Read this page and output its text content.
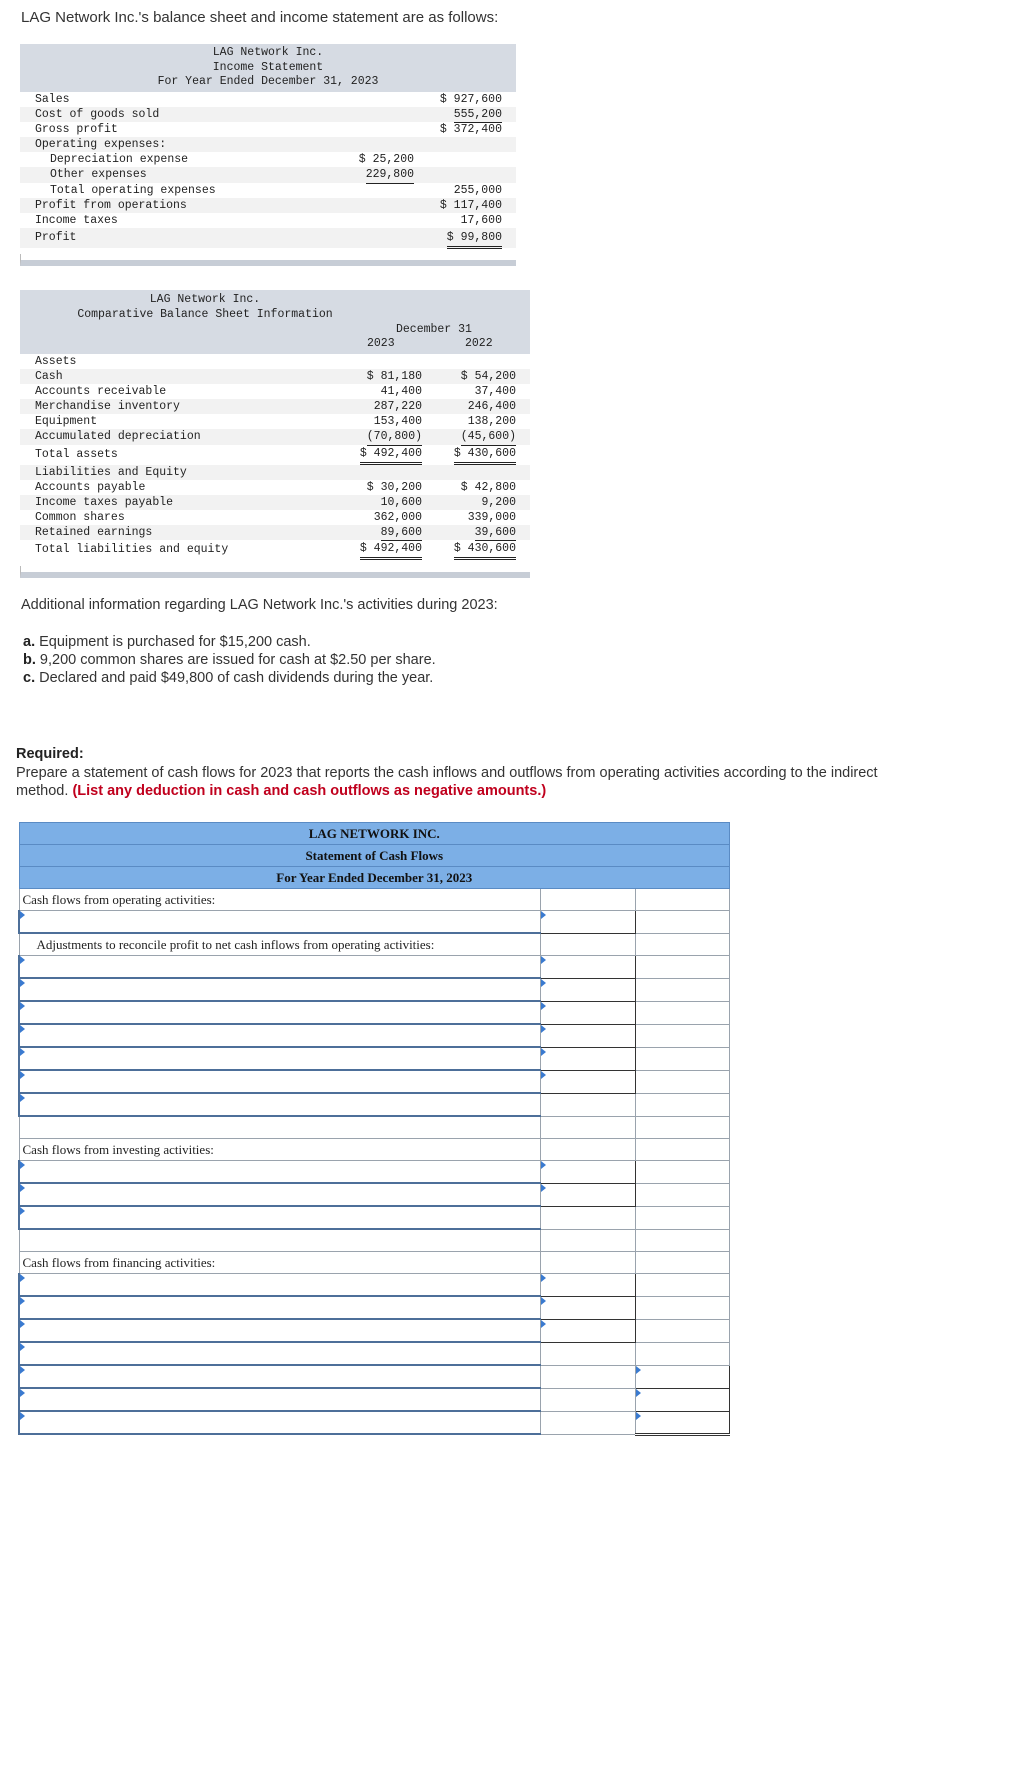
LAG Network Inc.'s balance sheet and income statement are as follows:
LAG Network Inc.
Income Statement
For Year Ended December 31, 2023
Sales	$ 927,600
Cost of goods sold	555,200
Gross profit	$ 372,400
Operating expenses:
Depreciation expense	$ 25,200
Other expenses	229,800
Total operating expenses	255,000
Profit from operations	$ 117,400
Income taxes	17,600
Profit	$ 99,800
LAG Network Inc.
Comparative Balance Sheet Information
December 31
2023	2022
Assets
Cash	$ 81,180	$ 54,200
Accounts receivable	41,400	37,400
Merchandise inventory	287,220	246,400
Equipment	153,400	138,200
Accumulated depreciation	(70,800)	(45,600)
Total assets	$ 492,400	$ 430,600
Liabilities and Equity
Accounts payable	$ 30,200	$ 42,800
Income taxes payable	10,600	9,200
Common shares	362,000	339,000
Retained earnings	89,600	39,600
Total liabilities and equity	$ 492,400	$ 430,600
Additional information regarding LAG Network Inc.'s activities during 2023:
a. Equipment is purchased for $15,200 cash.
b. 9,200 common shares are issued for cash at $2.50 per share.
c. Declared and paid $49,800 of cash dividends during the year.
Required:
Prepare a statement of cash flows for 2023 that reports the cash inflows and outflows from operating activities according to the indirect method. (List any deduction in cash and cash outflows as negative amounts.)
LAG NETWORK INC.		
Statement of Cash Flows		
For Year Ended December 31, 2023		
Cash flows from operating activities:		

Adjustments to reconcile profit to net cash inflows from operating activities:		

Cash flows from investing activities:		

Cash flows from financing activities:		
